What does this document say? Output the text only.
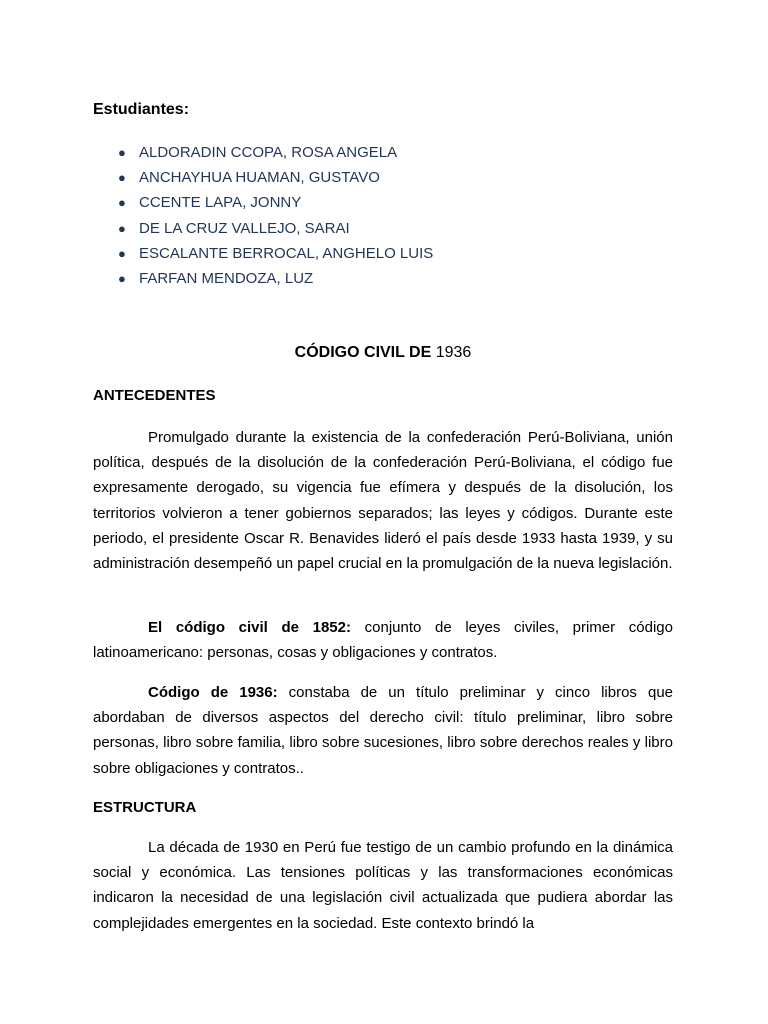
Estudiantes:
● ALDORADIN CCOPA, ROSA ANGELA
● ANCHAYHUA HUAMAN, GUSTAVO
● CCENTE LAPA, JONNY
● DE LA CRUZ VALLEJO, SARAI
● ESCALANTE BERROCAL, ANGHELO LUIS
● FARFAN MENDOZA, LUZ
CÓDIGO CIVIL DE 1936
ANTECEDENTES

Promulgado durante la existencia de la confederación Perú-Boliviana, unión política, después de la disolución de la confederación Perú-Boliviana, el código fue expresamente derogado, su vigencia fue efímera y después de la disolución, los territorios volvieron a tener gobiernos separados; las leyes y códigos. Durante este periodo, el presidente Oscar R. Benavides lideró el país desde 1933 hasta 1939, y su administración desempeñó un papel crucial en la promulgación de la nueva legislación.

El código civil de 1852: conjunto de leyes civiles, primer código latinoamericano: personas, cosas y obligaciones y contratos.

Código de 1936: constaba de un título preliminar y cinco libros que abordaban de diversos aspectos del derecho civil: título preliminar, libro sobre personas, libro sobre familia, libro sobre sucesiones, libro sobre derechos reales y libro sobre obligaciones y contratos..

ESTRUCTURA

La década de 1930 en Perú fue testigo de un cambio profundo en la dinámica social y económica. Las tensiones políticas y las transformaciones económicas indicaron la necesidad de una legislación civil actualizada que pudiera abordar las complejidades emergentes en la sociedad. Este contexto brindó la
